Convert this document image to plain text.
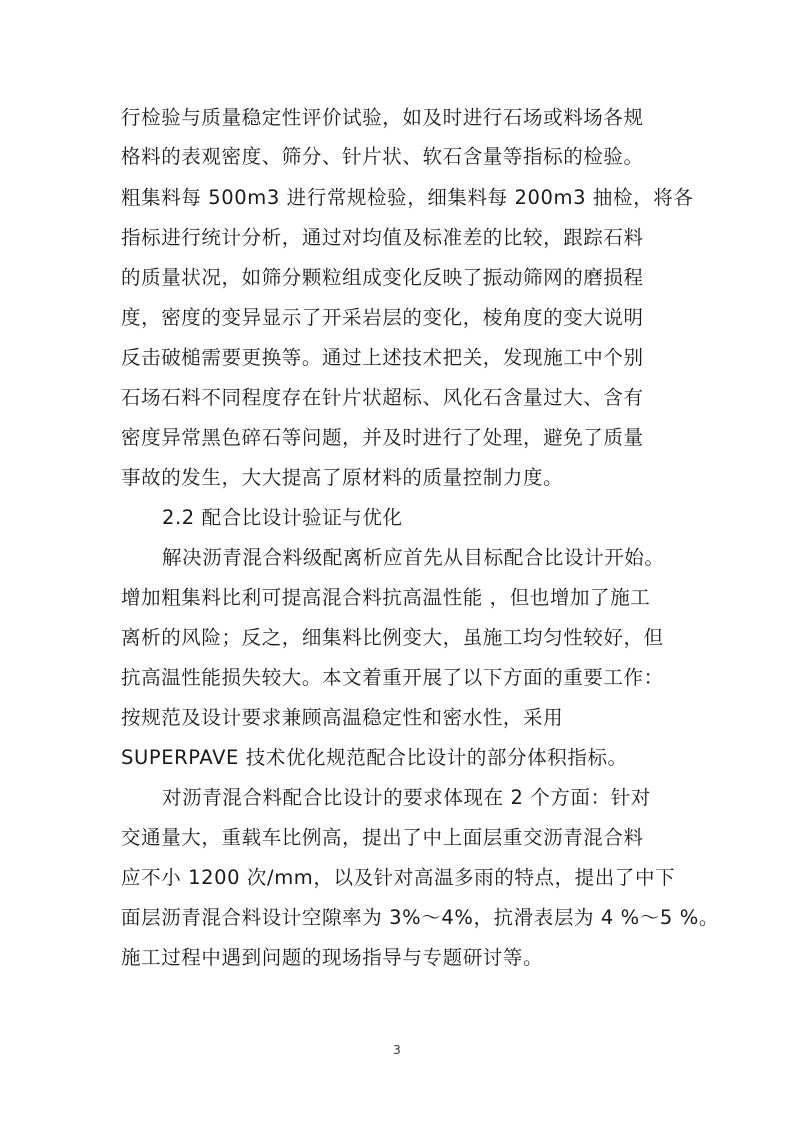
行检验与质量稳定性评价试验，如及时进行石场或料场各规
格料的表观密度、筛分、针片状、软石含量等指标的检验。
粗集料每 500m3 进行常规检验，细集料每 200m3 抽检，将各
指标进行统计分析，通过对均值及标准差的比较，跟踪石料
的质量状况，如筛分颗粒组成变化反映了振动筛网的磨损程
度，密度的变异显示了开采岩层的变化，棱角度的变大说明
反击破槌需要更换等。通过上述技术把关，发现施工中个别
石场石料不同程度存在针片状超标、风化石含量过大、含有
密度异常黑色碎石等问题，并及时进行了处理，避免了质量
事故的发生，大大提高了原材料的质量控制力度。
2.2 配合比设计验证与优化
解决沥青混合料级配离析应首先从目标配合比设计开始。
增加粗集料比利可提高混合料抗高温性能 ，但也增加了施工
离析的风险；反之，细集料比例变大，虽施工均匀性较好，但
抗高温性能损失较大。本文着重开展了以下方面的重要工作：
按规范及设计要求兼顾高温稳定性和密水性，采用
SUPERPAVE 技术优化规范配合比设计的部分体积指标。
对沥青混合料配合比设计的要求体现在 2 个方面：针对
交通量大，重载车比例高，提出了中上面层重交沥青混合料
应不小 1200 次/mm，以及针对高温多雨的特点，提出了中下
面层沥青混合料设计空隙率为 3%～4%，抗滑表层为 4 %～5 %。
施工过程中遇到问题的现场指导与专题研讨等。
3
